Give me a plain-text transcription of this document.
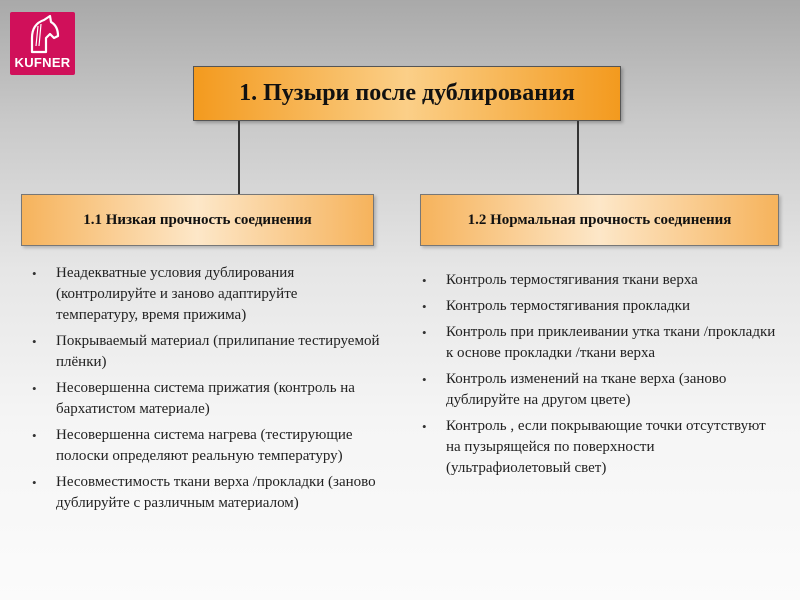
KUFNER
1. Пузыри после дублирования
1.1 Низкая прочность соединения	1.2 Нормальная прочность соединения
• Неадекватные условия дублирования (контролируйте и заново адаптируйте температуру, время прижима)
• Покрываемый материал (прилипание тестируемой плёнки)
• Несовершенна система прижатия (контроль на бархатистом материале)
• Несовершенна система нагрева (тестирующие полоски определяют реальную температуру)
• Несовместимость ткани верха /прокладки (заново дублируйте с различным материалом)
• Контроль термостягивания ткани верха
• Контроль термостягивания прокладки
• Контроль при приклеивании утка ткани /прокладки к основе прокладки /ткани верха
• Контроль изменений на ткане верха (заново дублируйте на другом цвете)
• Контроль , если покрывающие точки отсутствуют на пузырящейся по поверхности (ультрафиолетовый свет)
